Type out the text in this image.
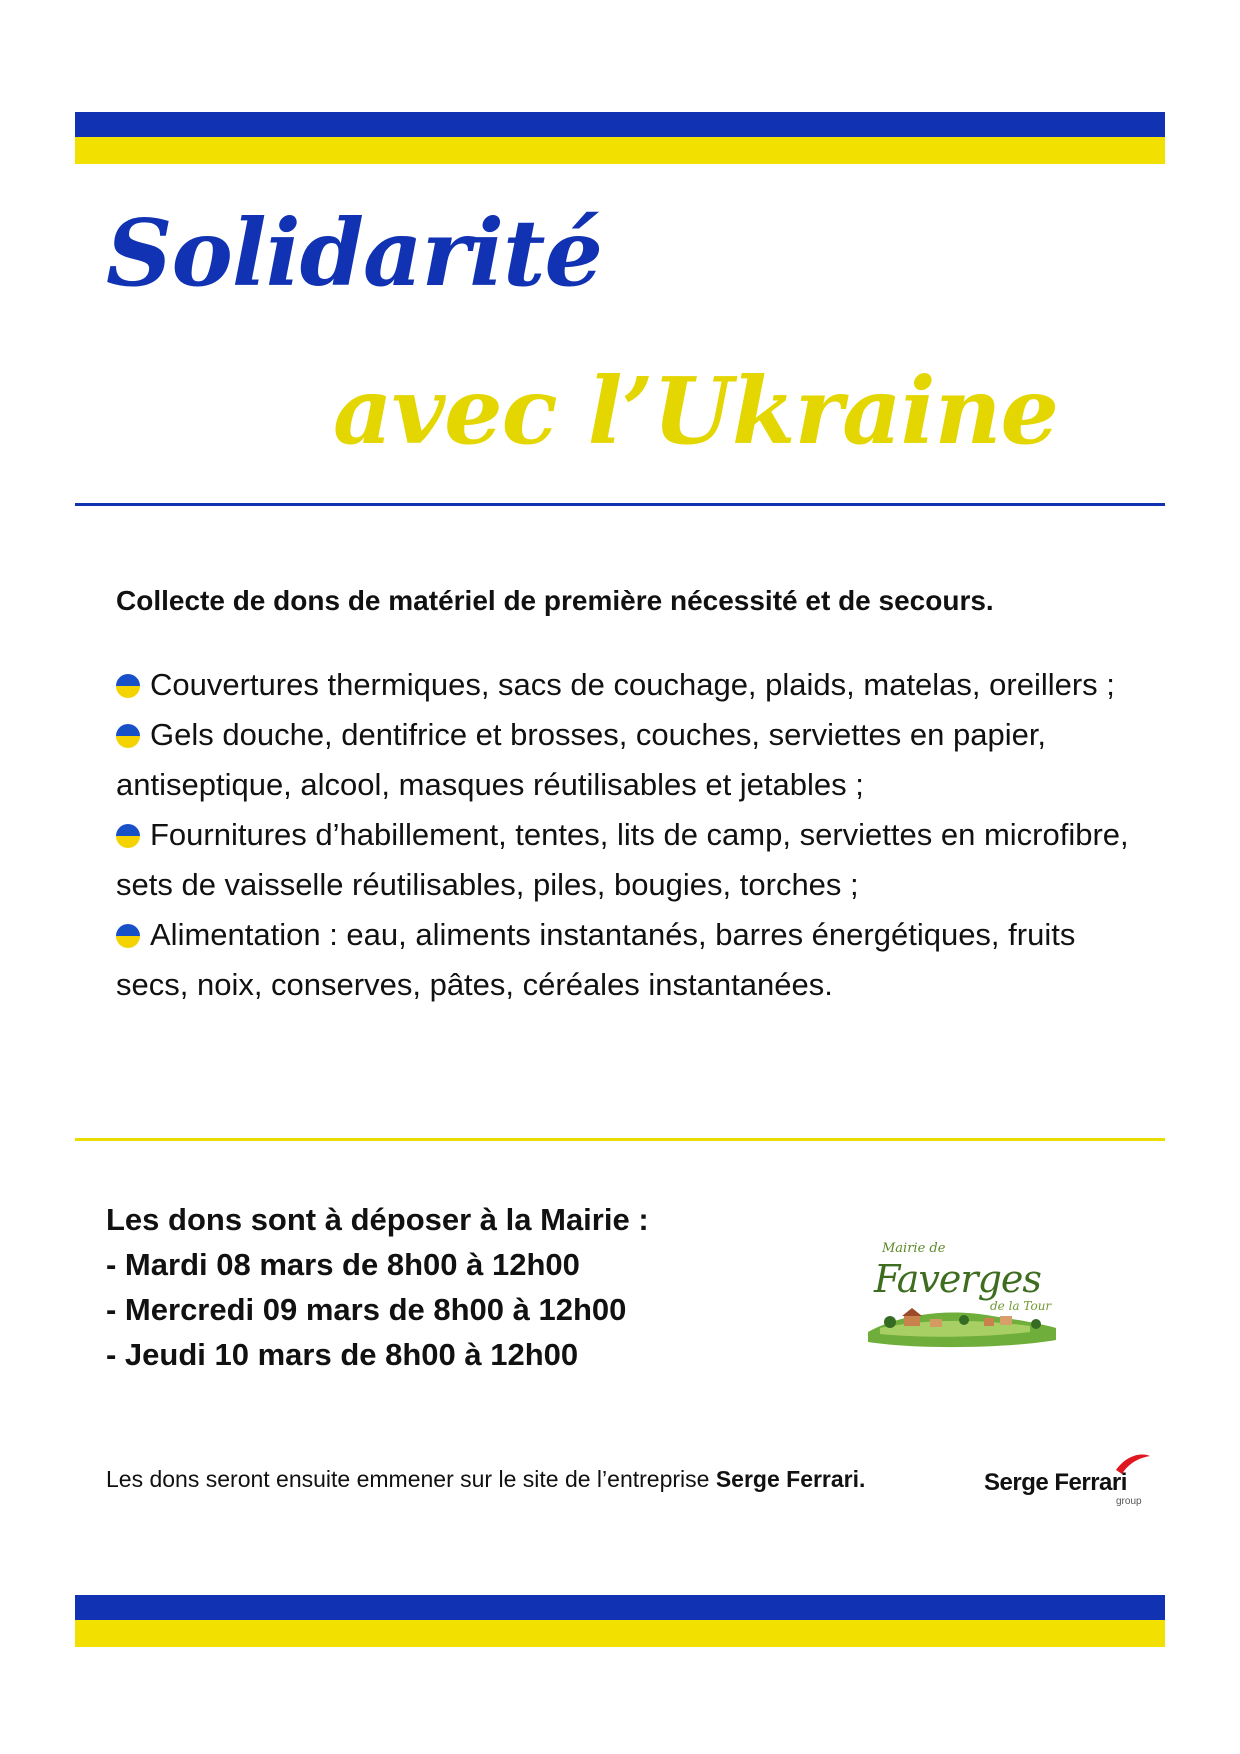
Solidarité
avec l’Ukraine
Collecte de dons de matériel de première nécessité et de secours.

Couvertures thermiques, sacs de couchage, plaids, matelas, oreillers ;

Gels douche, dentifrice et brosses, couches, serviettes en papier, antiseptique, alcool, masques réutilisables et jetables ;

Fournitures d’habillement, tentes, lits de camp, serviettes en microfibre, sets de vaisselle réutilisables, piles, bougies, torches ;

Alimentation : eau, aliments instantanés, barres énergétiques, fruits secs, noix, conserves, pâtes, céréales instantanées.

Les dons sont à déposer à la Mairie :
- Mardi 08 mars de 8h00 à 12h00
- Mercredi 09 mars de 8h00 à 12h00
- Jeudi 10 mars de 8h00 à 12h00
Mairie de
Faverges
de la Tour
Les dons seront ensuite emmener sur le site de l’entreprise Serge Ferrari.	Serge Ferrari
group
